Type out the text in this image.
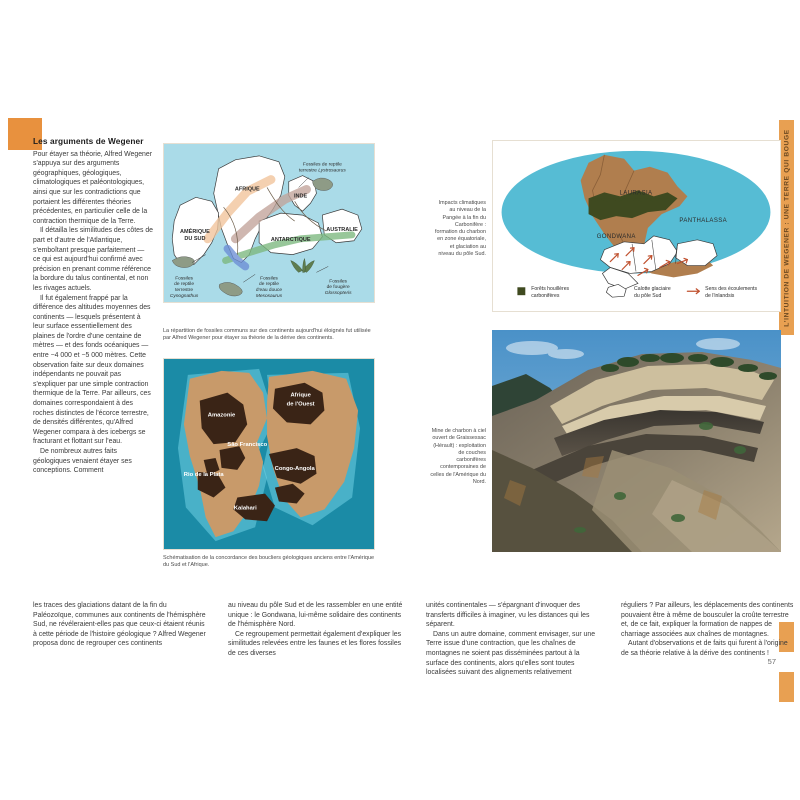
L'INTUITION DE WEGENER : UNE TERRE QUI BOUGE
57
Les arguments de Wegener

Pour étayer sa théorie, Alfred Wegener s'appuya sur des arguments géographiques, géologiques, climatologiques et paléontologiques, ainsi que sur les contradictions que portaient les différentes théories précédentes, en particulier celle de la contraction thermique de la Terre.

Il détailla les similitudes des côtes de part et d'autre de l'Atlantique, s'emboîtant presque parfaitement — ce qui est aujourd'hui confirmé avec précision en prenant comme référence la bordure du talus continental, et non les rivages actuels.

Il fut également frappé par la différence des altitudes moyennes des continents — lesquels présentent à leur surface essentiellement des plaines de l'ordre d'une centaine de mètres — et des fonds océaniques — entre −4 000 et −5 000 mètres. Cette observation faite sur deux domaines indépendants ne pouvait pas s'expliquer par une simple contraction thermique de la Terre. Par ailleurs, ces domaines correspondaient à des roches distinctes de l'écorce terrestre, de densités différentes, qu'Alfred Wegener compara à des icebergs se fracturant et flottant sur l'eau.

De nombreux autres faits géologiques venaient étayer ses conceptions. Comment

AFRIQUE
AMÉRIQUE
DU SUD
INDE
ANTARCTIQUE
AUSTRALIE
Fossiles de reptile
terrestre Lystrosaurus
Fossiles
de reptile
terrestre
Cynognathus
Fossiles
de reptile
d'eau douce
Mesosaurus
Fossiles
de fougère
Glossopteris
La répartition de fossiles communs sur des continents aujourd'hui éloignés fut utilisée par Alfred Wegener pour étayer sa théorie de la dérive des continents.
Amazonie
Afrique
de l'Ouest
São Francisco
Rio de la Plata
Congo-Angola
Kalahari
Schématisation de la concordance des boucliers géologiques anciens entre l'Amérique du Sud et l'Afrique.
LAURASIA
GONDWANA
PANTHALASSA
Forêts houillères
carbonifères
Calotte glaciaire
du pôle Sud
Sens des écoulements
de l'inlandsis
Impacts climatiques au niveau de la Pangée à la fin du Carbonifère : formation du charbon en zone équatoriale, et glaciation au niveau du pôle Sud.
Mine de charbon à ciel ouvert de Graissessac (Hérault) : exploitation de couches carbonifères contemporaines de celles de l'Amérique du Nord.

les traces des glaciations datant de la fin du Paléozoïque, communes aux continents de l'hémisphère Sud, ne révéleraient-elles pas que ceux-ci étaient réunis à cette période de l'histoire géologique ? Alfred Wegener proposa donc de regrouper ces continents

au niveau du pôle Sud et de les rassembler en une entité unique : le Gondwana, lui-même solidaire des continents de l'hémisphère Nord.

Ce regroupement permettait également d'expliquer les similitudes relevées entre les faunes et les flores fossiles de ces diverses

unités continentales — s'épargnant d'invoquer des transferts difficiles à imaginer, vu les distances qui les séparent.

Dans un autre domaine, comment envisager, sur une Terre issue d'une contraction, que les chaînes de montagnes ne soient pas disséminées partout à la surface des continents, alors qu'elles sont toutes localisées suivant des alignements relativement

réguliers ? Par ailleurs, les déplacements des continents pouvaient être à même de bousculer la croûte terrestre et, de ce fait, expliquer la formation de nappes de charriage associées aux chaînes de montagnes.

Autant d'observations et de faits qui furent à l'origine de sa théorie relative à la dérive des continents !
